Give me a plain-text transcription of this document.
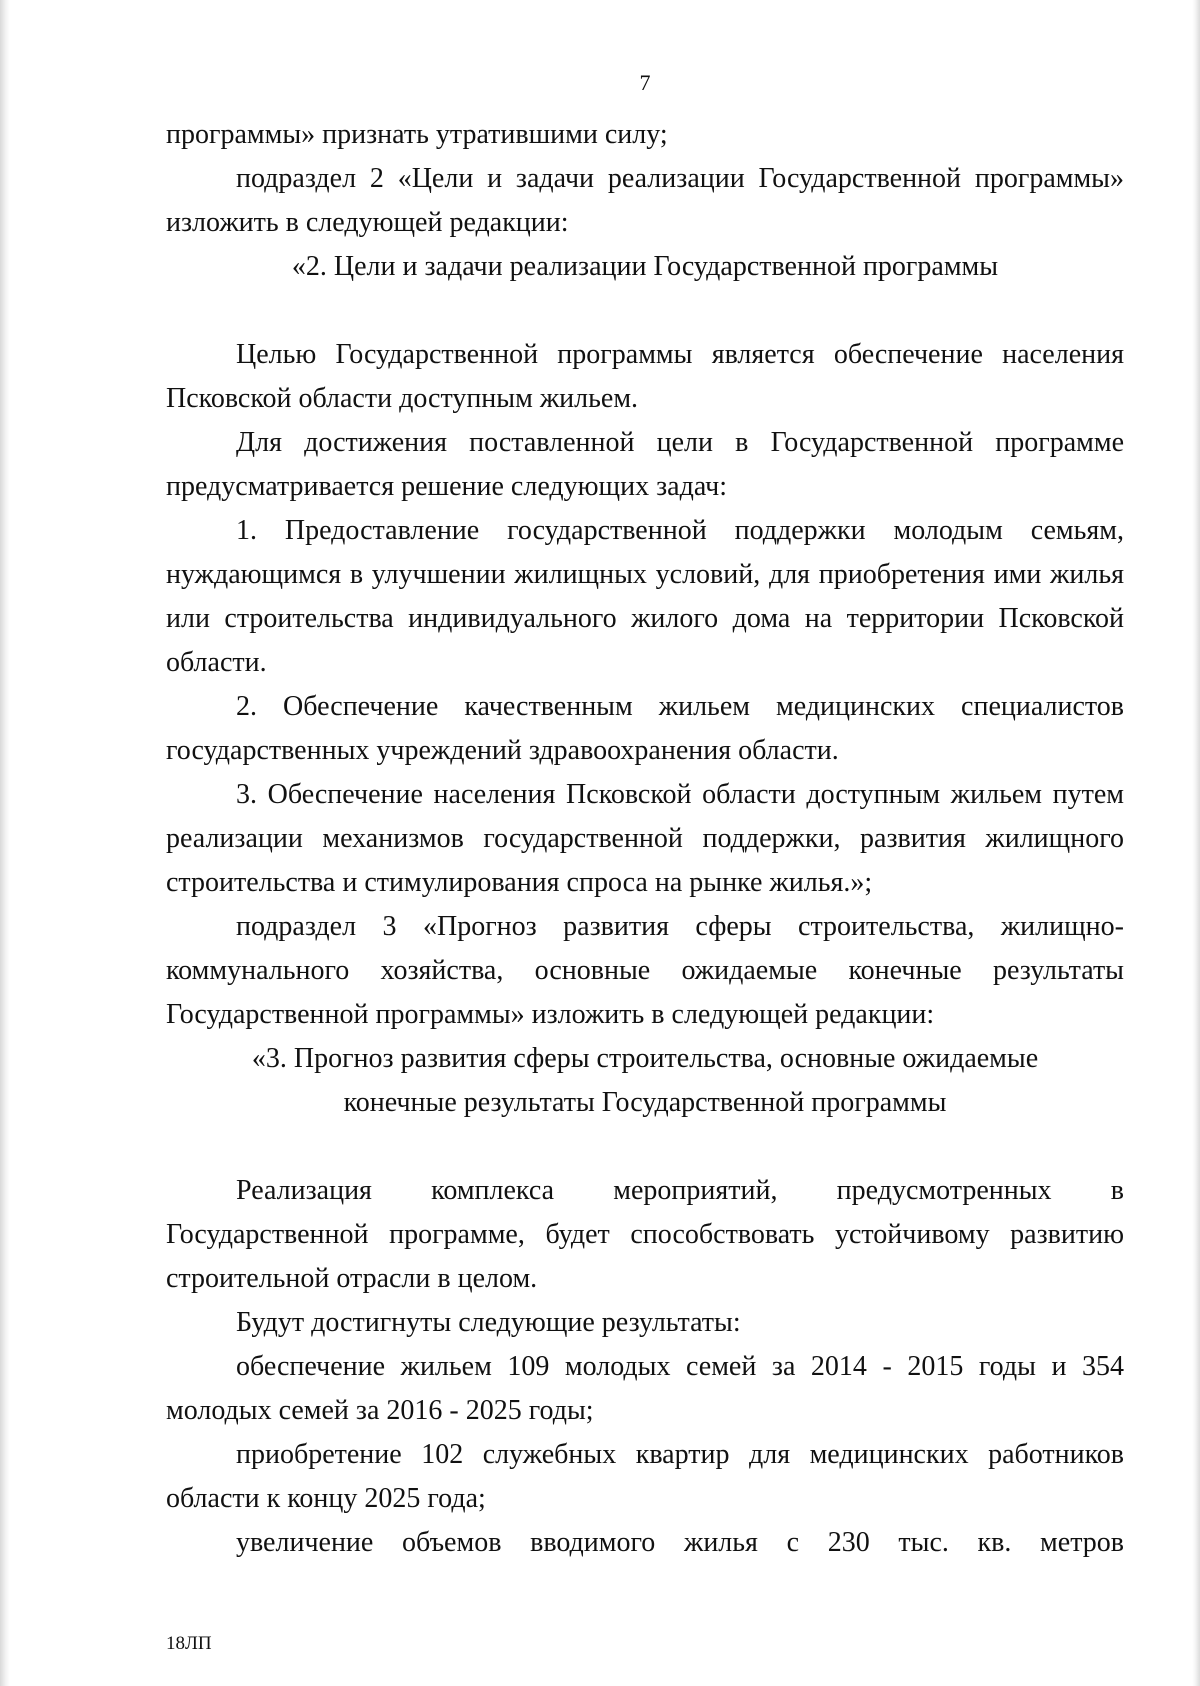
7

программы» признать утратившими силу;

подраздел 2 «Цели и задачи реализации Государственной программы» изложить в следующей редакции:

«2. Цели и задачи реализации Государственной программы

Целью Государственной программы является обеспечение населения Псковской области доступным жильем.

Для достижения поставленной цели в Государственной программе предусматривается решение следующих задач:

1. Предоставление государственной поддержки молодым семьям, нуждающимся в улучшении жилищных условий, для приобретения ими жилья или строительства индивидуального жилого дома на территории Псковской области.

2. Обеспечение качественным жильем медицинских специалистов государственных учреждений здравоохранения области.

3. Обеспечение населения Псковской области доступным жильем путем реализации механизмов государственной поддержки, развития жилищного строительства и стимулирования спроса на рынке жилья.»;

подраздел 3 «Прогноз развития сферы строительства, жилищно-коммунального хозяйства, основные ожидаемые конечные результаты Государственной программы» изложить в следующей редакции:

«3. Прогноз развития сферы строительства, основные ожидаемые

конечные результаты Государственной программы

Реализация комплекса мероприятий, предусмотренных в Государственной программе, будет способствовать устойчивому развитию строительной отрасли в целом.

Будут достигнуты следующие результаты:

обеспечение жильем 109 молодых семей за 2014 - 2015 годы и 354 молодых семей за 2016 - 2025 годы;

приобретение 102 служебных квартир для медицинских работников области к концу 2025 года;

увеличение объемов вводимого жилья с 230 тыс. кв. метров

18ЛП
